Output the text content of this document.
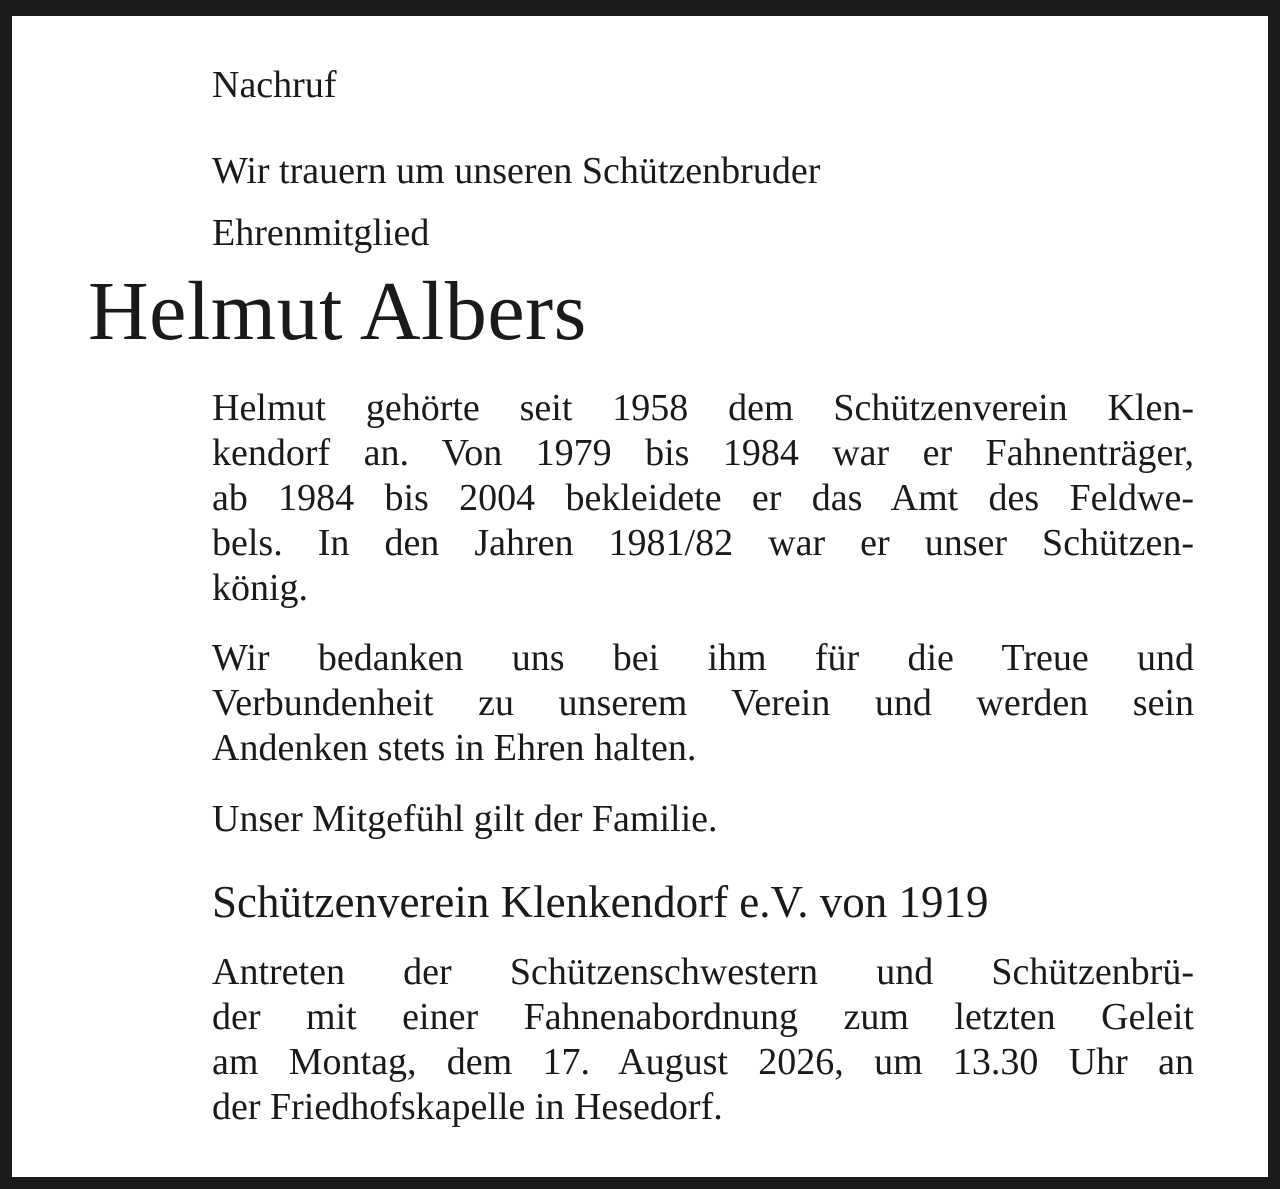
Nachruf
Wir trauern um unseren Schützenbruder
Ehrenmitglied
Helmut Albers
Helmut gehörte seit 1958 dem Schützenverein Klen-
kendorf an. Von 1979 bis 1984 war er Fahnenträger,
ab 1984 bis 2004 bekleidete er das Amt des Feldwe-
bels. In den Jahren 1981/82 war er unser Schützen-
könig.
Wir bedanken uns bei ihm für die Treue und
Verbundenheit zu unserem Verein und werden sein
Andenken stets in Ehren halten.
Unser Mitgefühl gilt der Familie.
Schützenverein Klenkendorf e.V. von 1919
Antreten der Schützenschwestern und Schützenbrü-
der mit einer Fahnenabordnung zum letzten Geleit
am Montag, dem 17. August 2026, um 13.30 Uhr an
der Friedhofskapelle in Hesedorf.
